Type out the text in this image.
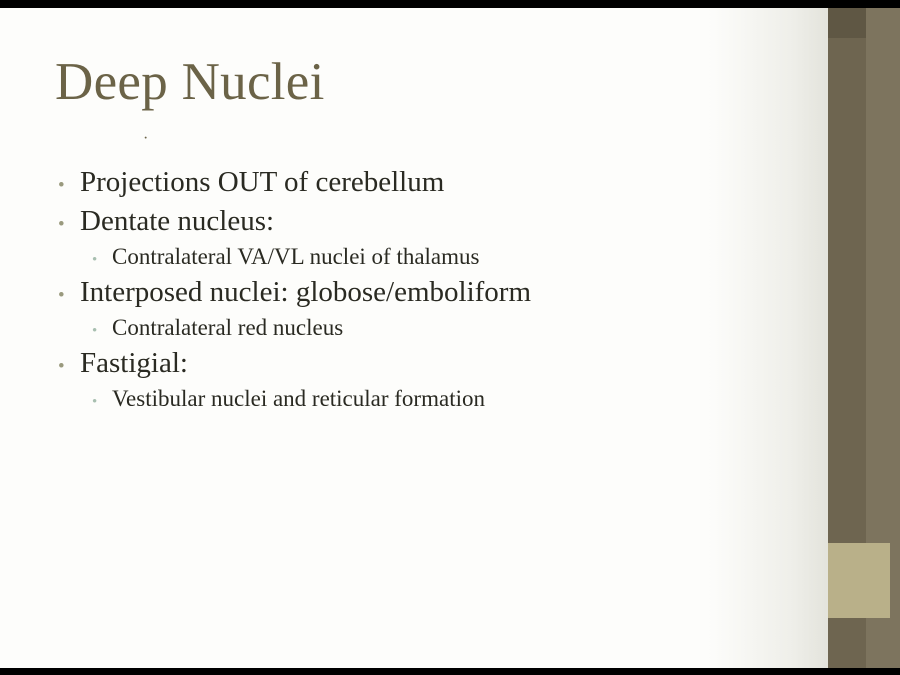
Deep Nuclei
·
• Projections OUT of cerebellum
• Dentate nucleus:
• Contralateral VA/VL nuclei of thalamus
• Interposed nuclei: globose/emboliform
• Contralateral red nucleus
• Fastigial:
• Vestibular nuclei and reticular formation
